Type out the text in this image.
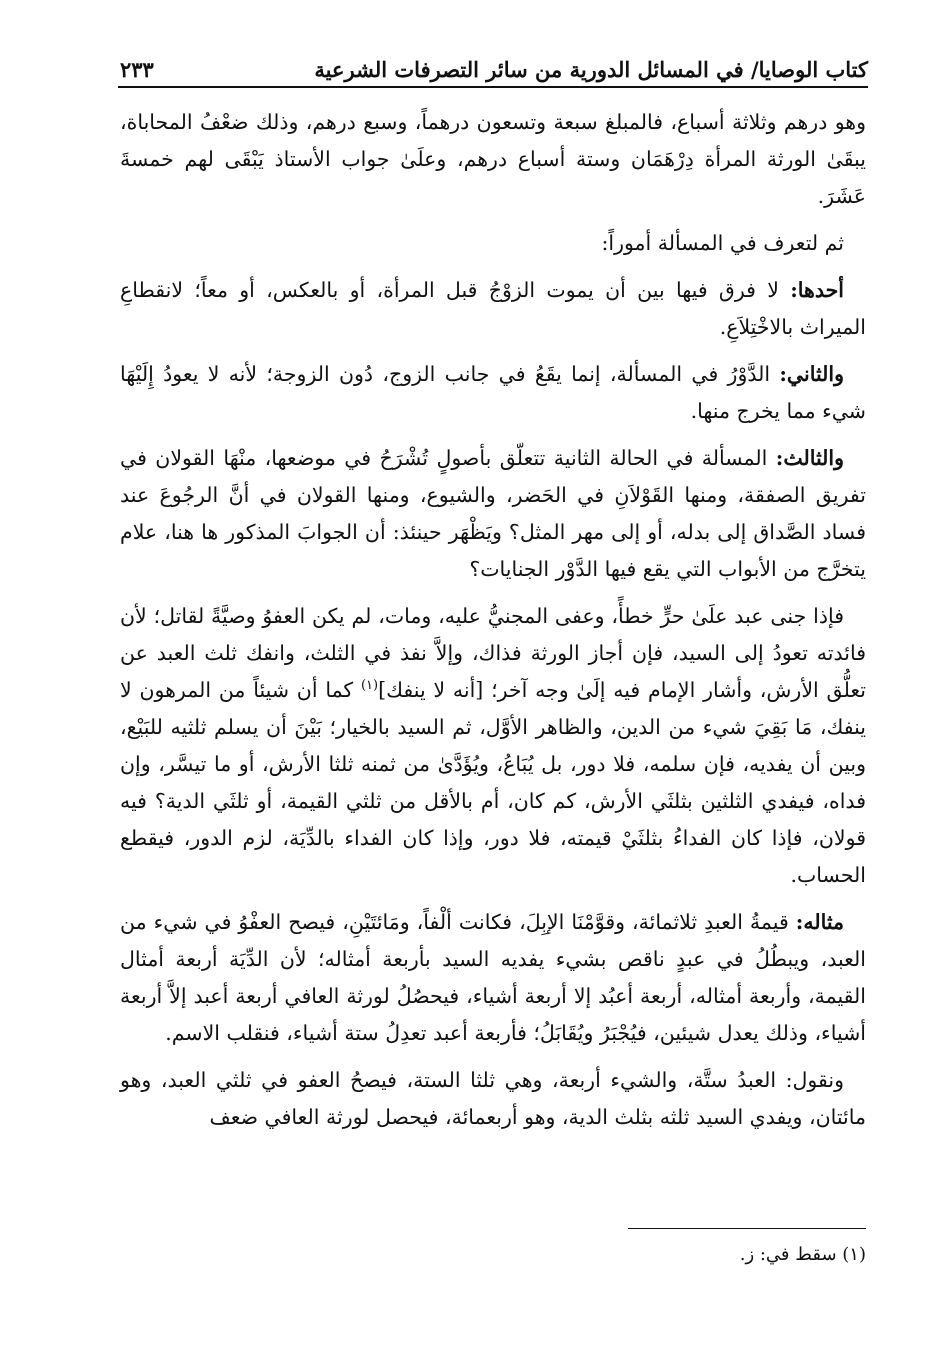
كتاب الوصايا/ في المسائل الدورية من سائر التصرفات الشرعية
٢٣٣

وهو درهم وثلاثة أسباع، فالمبلغ سبعة وتسعون درهماً، وسبع درهم، وذلك ضعْفُ المحاباة، يبقَىٰ الورثة المرأة دِرْهَمَان وستة أسباع درهم، وعلَىٰ جواب الأستاذ يَبْقَى لهم خمسةَ عَشَرَ.

ثم لتعرف في المسألة أموراً:

أحدها: لا فرق فيها بين أن يموت الزوْجُ قبل المرأة، أو بالعكس، أو معاً؛ لانقطاعِ الميراث بالاخْتِلاَعِ.

والثاني: الدَّوْرُ في المسألة، إنما يقَعُ في جانب الزوج، دُون الزوجة؛ لأنه لا يعودُ إِلَيْهَا شيء مما يخرج منها.

والثالث: المسألة في الحالة الثانية تتعلّق بأصولٍ تُشْرَحُ في موضعها، منْهَا القولان في تفريق الصفقة، ومنها القَوْلاَنِ في الحَضر، والشيوع، ومنها القولان في أنَّ الرجُوعَ عند فساد الصَّداق إلى بدله، أو إلى مهر المثل؟ ويَظْهَر حينئذ: أن الجوابَ المذكور ها هنا، علام يتخرَّج من الأبواب التي يقع فيها الدَّوْر الجنايات؟

فإذا جنى عبد علَىٰ حرٍّ خطأً، وعفى المجنيُّ عليه، ومات، لم يكن العفوُ وصيَّةً لقاتل؛ لأن فائدته تعودُ إلى السيد، فإن أجاز الورثة فذاك، وإلاَّ نفذ في الثلث، وانفك ثلث العبد عن تعلُّق الأرش، وأشار الإمام فيه إلَىٰ وجه آخر؛ [أنه لا ينفك]$^{(١)}$ كما أن شيئاً من المرهون لا ينفك، مَا بَقِيَ شيء من الدين، والظاهر الأوَّل، ثم السيد بالخيار؛ بَيْنَ أن يسلم ثلثيه للبَيْع، وبين أن يفديه، فإن سلمه، فلا دور، بل يُبَاعُ، ويُؤَدَّىٰ من ثمنه ثلثا الأرش، أو ما تيسَّر، وإن فداه، فيفدي الثلثين بثلثَي الأرش، كم كان، أم بالأقل من ثلثي القيمة، أو ثلثَي الدية؟ فيه قولان، فإذا كان الفداءُ بثلثَيْ قيمته، فلا دور، وإذا كان الفداء بالدِّيَة، لزم الدور، فيقطع الحساب.

مثاله: قيمةُ العبدِ ثلاثمائة، وقوَّمْنَا الإبِلَ، فكانت ألْفاً، ومَائتَيْنِ، فيصح العفْوُ في شيء من العبد، ويبطُلُ في عبدٍ ناقص بشيء يفديه السيد بأربعة أمثاله؛ لأن الدِّيَة أربعة أمثال القيمة، وأربعة أمثاله، أربعة أعبُد إلا أربعة أشياء، فيحصُلُ لورثة العافي أربعة أعبد إلاَّ أربعة أشياء، وذلك يعدل شيئين، فيُجْبَرُ ويُقَابَلُ؛ فأربعة أعبد تعدِلُ ستة أشياء، فنقلب الاسم.

ونقول: العبدُ ستَّة، والشيء أربعة، وهي ثلثا الستة، فيصحُ العفو في ثلثي العبد، وهو مائتان، ويفدي السيد ثلثه بثلث الدية، وهو أربعمائة، فيحصل لورثة العافي ضعف

(١) سقط في: ز.
